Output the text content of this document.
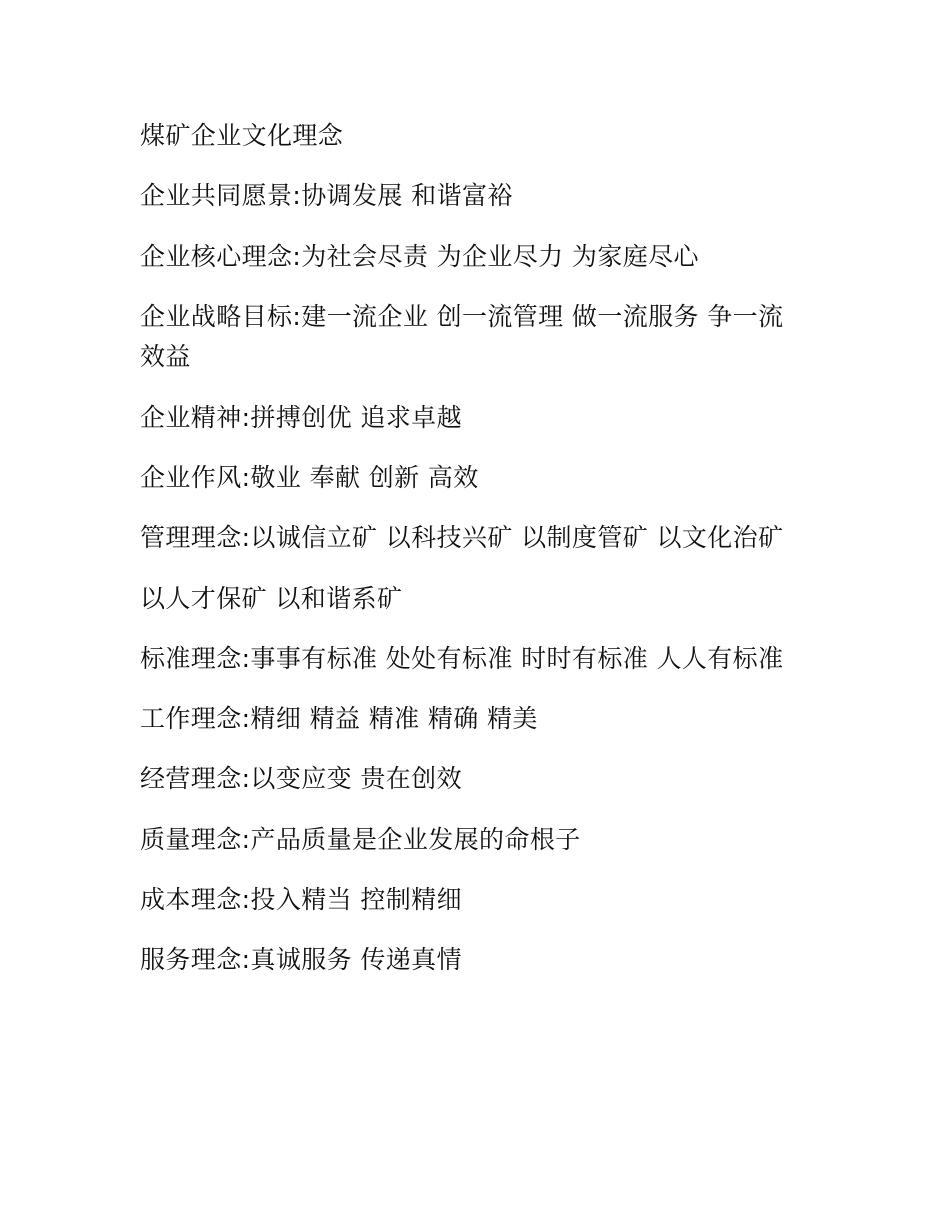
煤矿企业文化理念

企业共同愿景:协调发展 和谐富裕

企业核心理念:为社会尽责 为企业尽力 为家庭尽心

企业战略目标:建一流企业 创一流管理 做一流服务 争一流效益

企业精神:拼搏创优 追求卓越

企业作风:敬业 奉献 创新 高效

管理理念:以诚信立矿 以科技兴矿 以制度管矿 以文化治矿

以人才保矿 以和谐系矿

标准理念:事事有标准 处处有标准 时时有标准 人人有标准

工作理念:精细 精益 精准 精确 精美

经营理念:以变应变 贵在创效

质量理念:产品质量是企业发展的命根子

成本理念:投入精当 控制精细

服务理念:真诚服务 传递真情
